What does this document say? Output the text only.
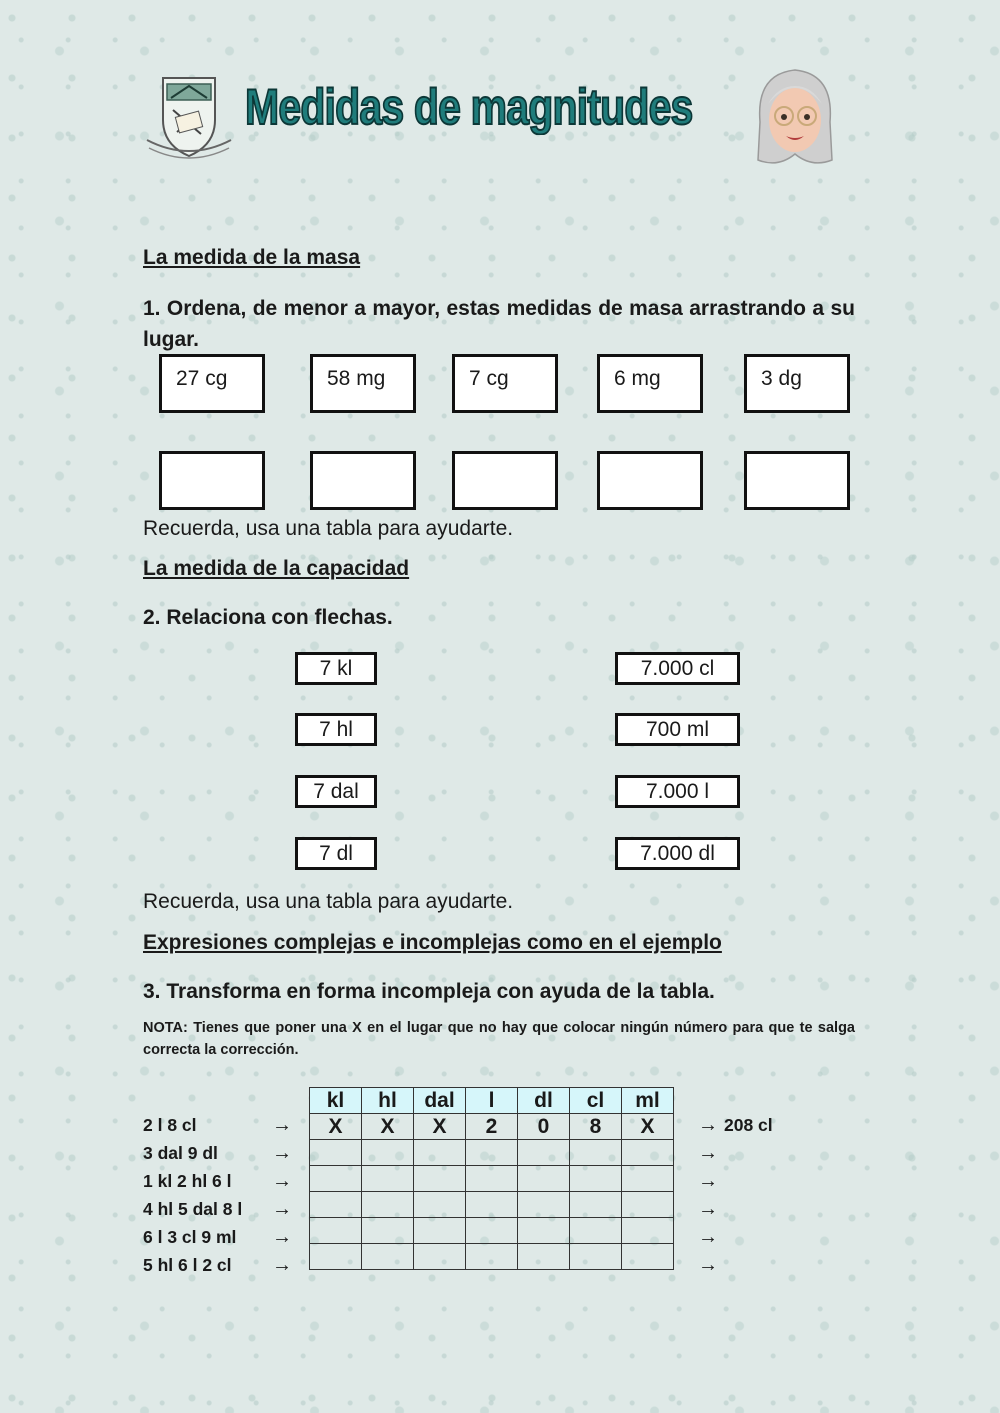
Medidas de magnitudes
La medida de la masa
1. Ordena, de menor a mayor, estas medidas de masa arrastrando a su lugar.
27 cg	58 mg	7 cg	6 mg	3 dg
Recuerda, usa una tabla para ayudarte.
La medida de la capacidad
2. Relaciona con flechas.
7 kl
7 hl
7 dal
7 dl
7.000 cl
700 ml
7.000 l
7.000 dl
Recuerda, usa una tabla para ayudarte.
Expresiones complejas e incomplejas como en el ejemplo
3. Transforma en forma incompleja con ayuda de la tabla.
NOTA: Tienes que poner una X en el lugar que no hay que colocar ningún número para que te salga correcta la corrección.
kl	hl	dal	l	dl	cl	ml
X	X	X	2	0	8	X

2 l 8 cl	→	→ 208 cl
3 dal 9 dl	→	→
1 kl 2 hl 6 l →	→
4 hl 5 dal 8 l →	→
6 l 3 cl 9 ml →	→
5 hl 6 l 2 cl →	→
